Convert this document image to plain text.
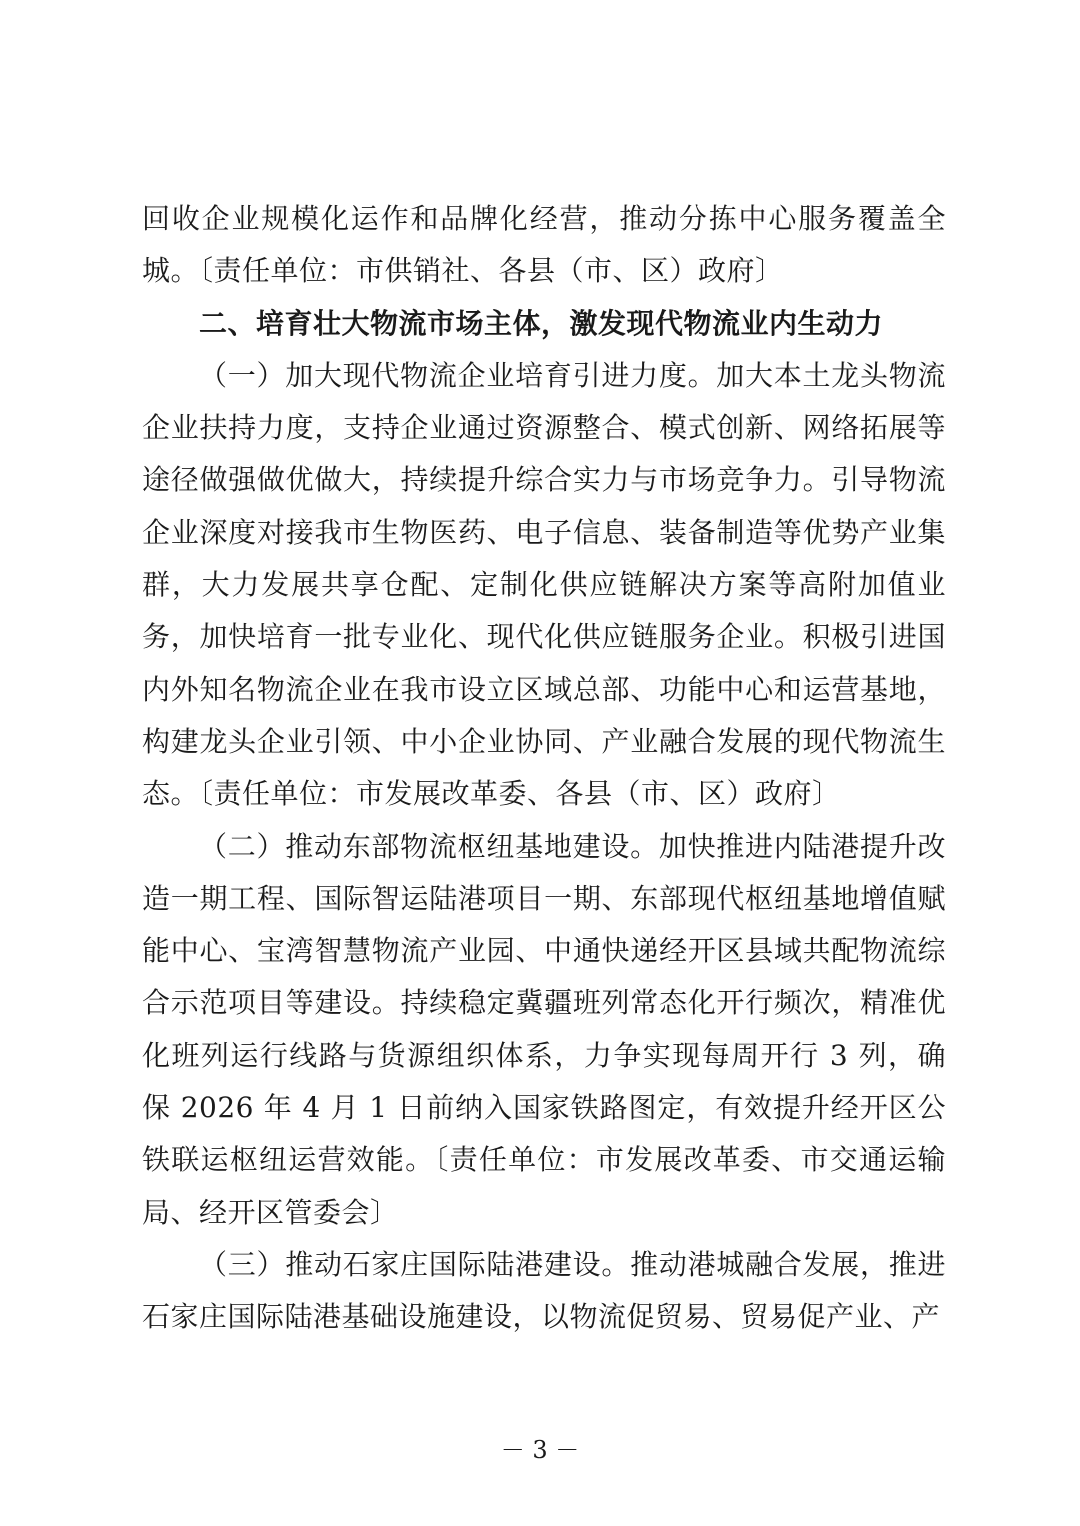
回收企业规模化运作和品牌化经营，推动分拣中心服务覆盖全城。〔责任单位：市供销社、各县（市、区）政府〕

二、培育壮大物流市场主体，激发现代物流业内生动力

（一）加大现代物流企业培育引进力度。加大本土龙头物流企业扶持力度，支持企业通过资源整合、模式创新、网络拓展等途径做强做优做大，持续提升综合实力与市场竞争力。引导物流企业深度对接我市生物医药、电子信息、装备制造等优势产业集群，大力发展共享仓配、定制化供应链解决方案等高附加值业务，加快培育一批专业化、现代化供应链服务企业。积极引进国内外知名物流企业在我市设立区域总部、功能中心和运营基地，构建龙头企业引领、中小企业协同、产业融合发展的现代物流生态。〔责任单位：市发展改革委、各县（市、区）政府〕

（二）推动东部物流枢纽基地建设。加快推进内陆港提升改造一期工程、国际智运陆港项目一期、东部现代枢纽基地增值赋能中心、宝湾智慧物流产业园、中通快递经开区县域共配物流综合示范项目等建设。持续稳定冀疆班列常态化开行频次，精准优化班列运行线路与货源组织体系，力争实现每周开行 3 列，确保 2026 年 4 月 1 日前纳入国家铁路图定，有效提升经开区公铁联运枢纽运营效能。〔责任单位：市发展改革委、市交通运输局、经开区管委会〕

（三）推动石家庄国际陆港建设。推动港城融合发展，推进石家庄国际陆港基础设施建设，以物流促贸易、贸易促产业、产

－ 3 －
